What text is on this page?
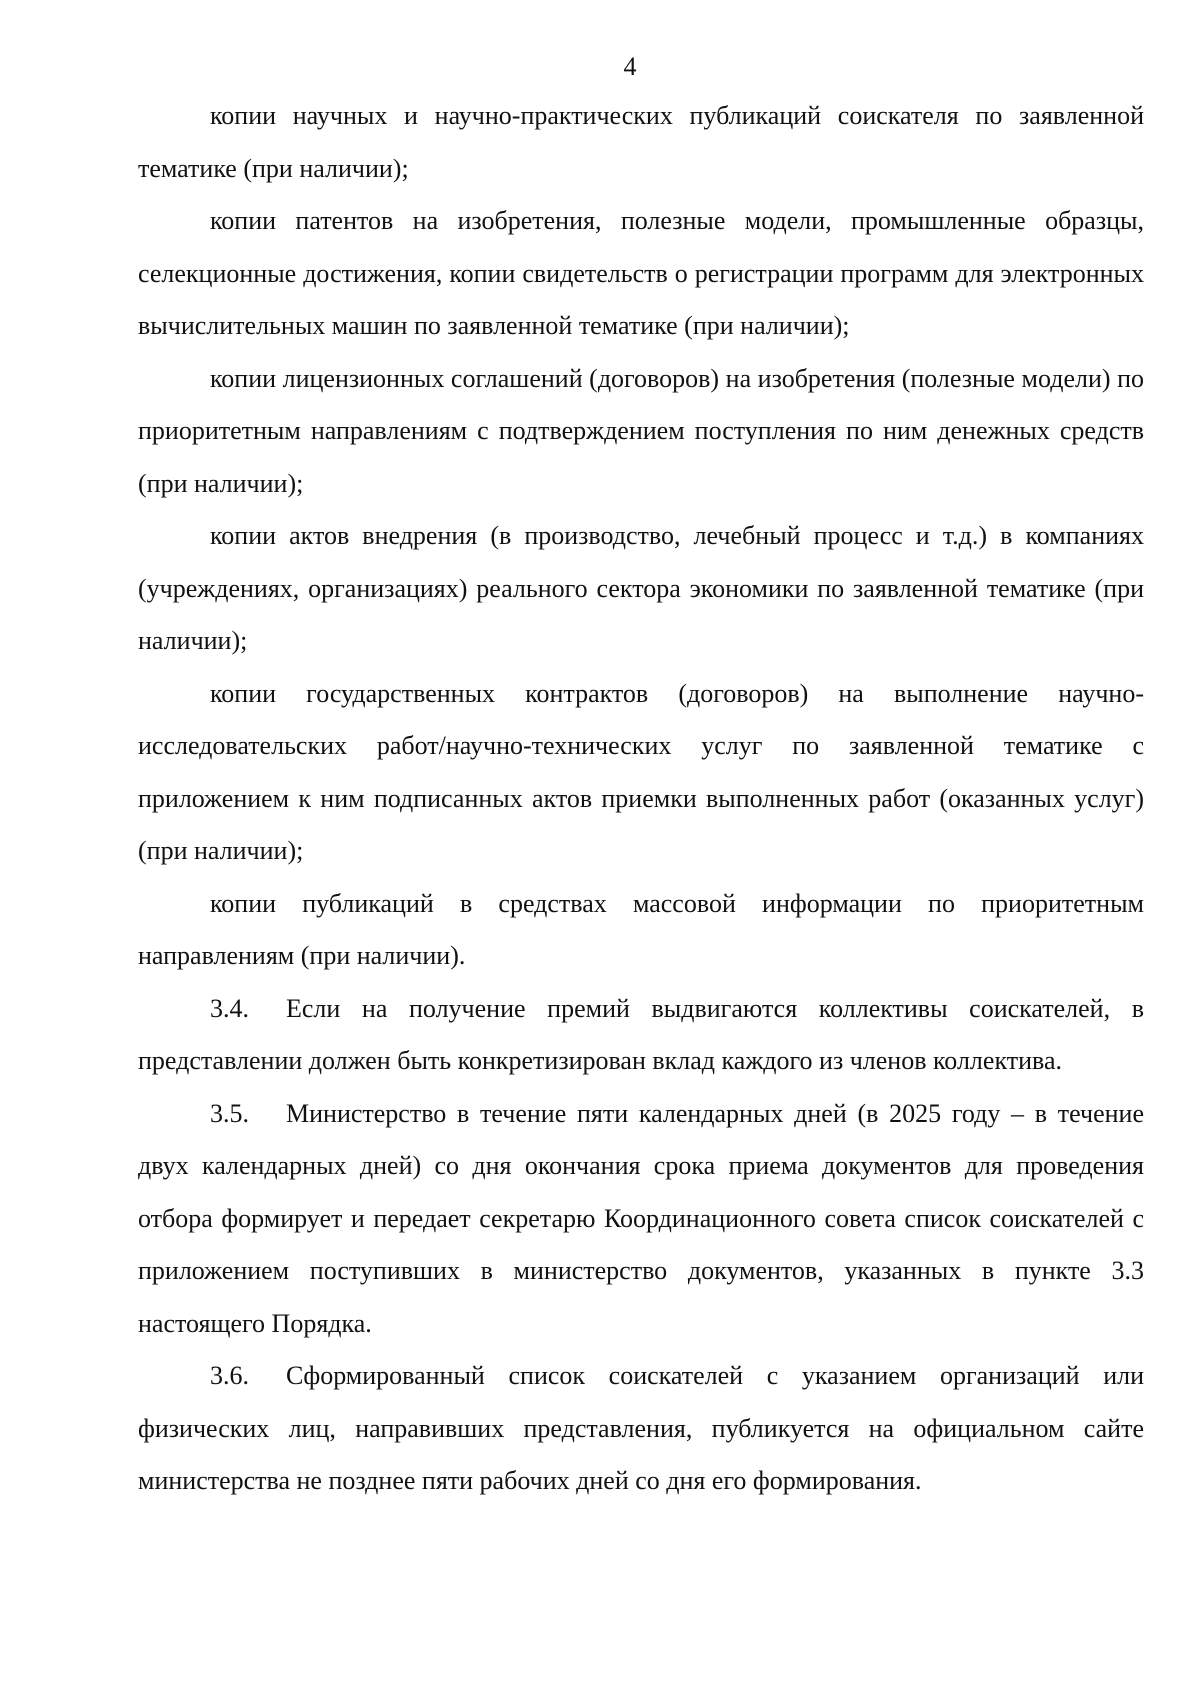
4

копии научных и научно-практических публикаций соискателя по заявленной тематике (при наличии);

копии патентов на изобретения, полезные модели, промышленные образцы, селекционные достижения, копии свидетельств о регистрации программ для электронных вычислительных машин по заявленной тематике (при наличии);

копии лицензионных соглашений (договоров) на изобретения (полезные модели) по приоритетным направлениям с подтверждением поступления по ним денежных средств (при наличии);

копии актов внедрения (в производство, лечебный процесс и т.д.) в компаниях (учреждениях, организациях) реального сектора экономики по заявленной тематике (при наличии);

копии государственных контрактов (договоров) на выполнение научно-исследовательских работ/научно-технических услуг по заявленной тематике с приложением к ним подписанных актов приемки выполненных работ (оказанных услуг) (при наличии);

копии публикаций в средствах массовой информации по приоритетным направлениям (при наличии).

3.4. Если на получение премий выдвигаются коллективы соискателей, в представлении должен быть конкретизирован вклад каждого из членов коллектива.

3.5. Министерство в течение пяти календарных дней (в 2025 году – в течение двух календарных дней) со дня окончания срока приема документов для проведения отбора формирует и передает секретарю Координационного совета список соискателей с приложением поступивших в министерство документов, указанных в пункте 3.3 настоящего Порядка.

3.6. Сформированный список соискателей с указанием организаций или физических лиц, направивших представления, публикуется на официальном сайте министерства не позднее пяти рабочих дней со дня его формирования.
